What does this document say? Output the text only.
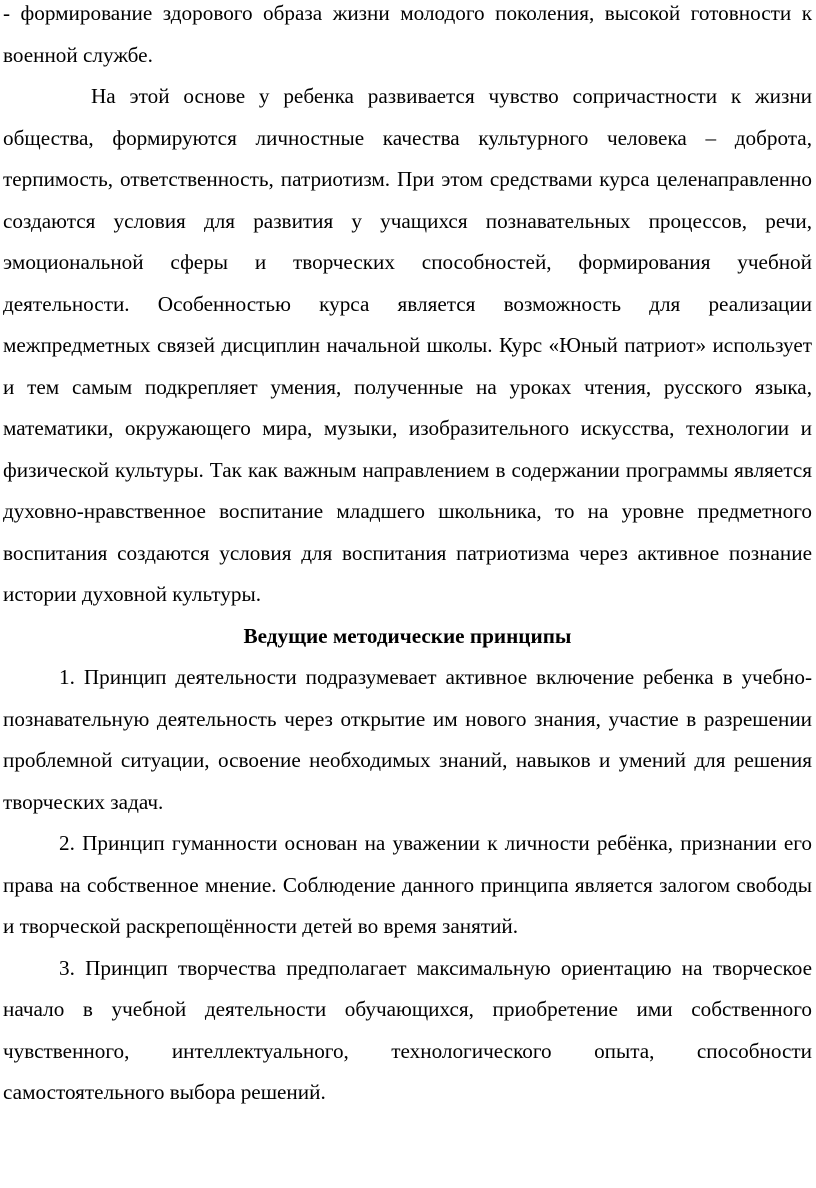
- формирование здорового образа жизни молодого поколения, высокой готовности к военной службе.

На этой основе у ребенка развивается чувство сопричастности к жизни общества, формируются личностные качества культурного человека – доброта, терпимость, ответственность, патриотизм. При этом средствами курса целенаправленно создаются условия для развития у учащихся познавательных процессов, речи, эмоциональной сферы и творческих способностей, формирования учебной деятельности. Особенностью курса является возможность для реализации межпредметных связей дисциплин начальной школы. Курс «Юный патриот» использует и тем самым подкрепляет умения, полученные на уроках чтения, русского языка, математики, окружающего мира, музыки, изобразительного искусства, технологии и физической культуры. Так как важным направлением в содержании программы является духовно-нравственное воспитание младшего школьника, то на уровне предметного воспитания создаются условия для воспитания патриотизма через активное познание истории духовной культуры.

Ведущие методические принципы

1. Принцип деятельности подразумевает активное включение ребенка в учебно-познавательную деятельность через открытие им нового знания, участие в разрешении проблемной ситуации, освоение необходимых знаний, навыков и умений для решения творческих задач.

2. Принцип гуманности основан на уважении к личности ребёнка, признании его права на собственное мнение. Соблюдение данного принципа является залогом свободы и творческой раскрепощённости детей во время занятий.

3. Принцип творчества предполагает максимальную ориентацию на творческое начало в учебной деятельности обучающихся, приобретение ими собственного чувственного, интеллектуального, технологического опыта, способности самостоятельного выбора решений.
